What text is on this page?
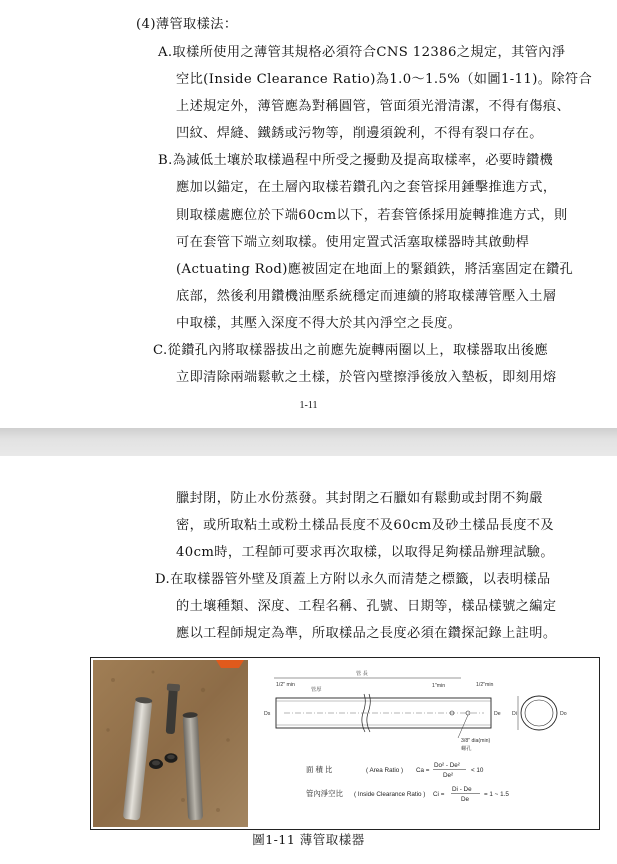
(4)薄管取樣法：
A.取樣所使用之薄管其規格必須符合CNS 12386之規定，其管內淨
空比(Inside Clearance Ratio)為1.0～1.5%（如圖1-11)。除符合
上述規定外，薄管應為對稱圓管，管面須光滑清潔，不得有傷痕、
凹紋、焊縫、鐵銹或污物等，削邊須銳利，不得有裂口存在。
B.為減低土壤於取樣過程中所受之擾動及提高取樣率，必要時鑽機
應加以錨定，在土層內取樣若鑽孔內之套管採用錘擊推進方式，
則取樣處應位於下端60cm以下，若套管係採用旋轉推進方式，則
可在套管下端立刻取樣。使用定置式活塞取樣器時其啟動桿
(Actuating Rod)應被固定在地面上的緊鎖鉄，將活塞固定在鑽孔
底部，然後利用鑽機油壓系統穩定而連續的將取樣薄管壓入土層
中取樣，其壓入深度不得大於其內淨空之長度。
C.從鑽孔內將取樣器拔出之前應先旋轉兩圈以上，取樣器取出後應
立即清除兩端鬆軟之土樣，於管內壁擦淨後放入墊板，即刻用熔
1-11
臘封閉，防止水份蒸發。其封閉之石臘如有鬆動或封閉不夠嚴
密，或所取粘土或粉土樣品長度不及60cm及砂土樣品長度不及
40cm時，工程師可要求再次取樣，以取得足夠樣品辦理試驗。
D.在取樣器管外壁及頂蓋上方附以永久而清楚之標籤，以表明樣品
的土壤種類、深度、工程名稱、孔號、日期等，樣品樣號之編定
應以工程師規定為準，所取樣品之長度必須在鑽探記錄上註明。
管 長
1/2" min
管厚
1"min	1/2"min
Ds	De Di	Do
3/8" dia(min)
螺孔
面 積 比	( Area Ratio ) Ca =
Do² - De²
De²
< 10
管內淨空比 ( Inside Clearance Ratio ) Ci =
Di - De
De
= 1 ~ 1.5
圖1-11 薄管取樣器
